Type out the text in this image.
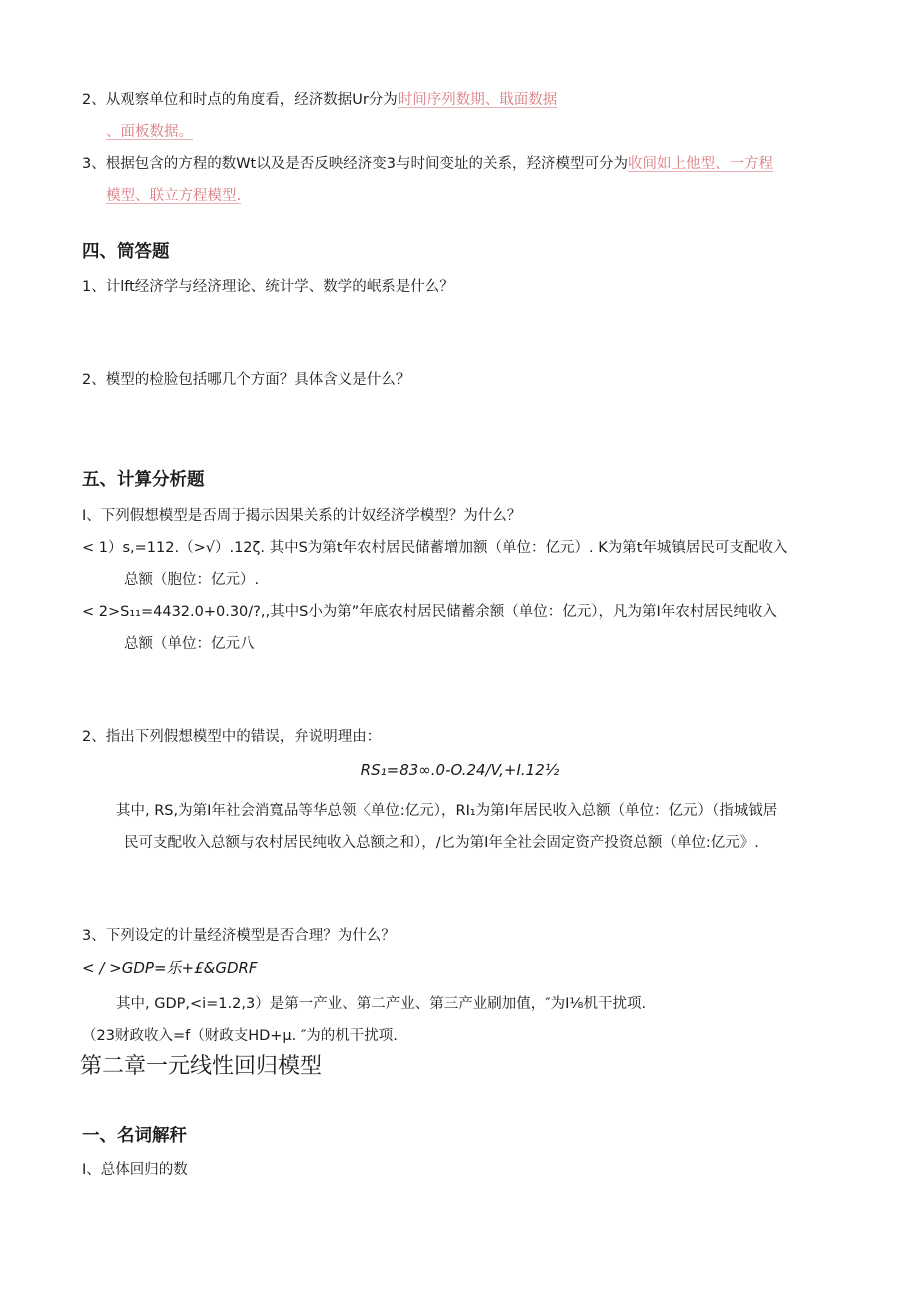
2、从观察单位和时点的角度看，经济数据Ur分为时间序列数期、戢面数据
、面板数据。
3、根据包含的方程的数Wt以及是否反映经济变3与时间变址的关系，羟济模型可分为收间如上他型、一方程
模型、联立方程模型.
四、筒答题
1、计lft经济学与经济理论、统计学、数学的岷系是什么？
2、模型的检脸包括哪几个方面？具体含义是什么？
五、计算分析题
I、下列假想模型是否周于揭示因果关系的计奴经济学模型？为什么？
< 1）s,=112.（>√）.12ζ. 其中S为第t年农村居民储蓄增加额（单位：亿元）. K为第t年城镇居民可支配收入
总额（胞位：亿元）.
< 2>S₁₁=4432.0+0.30/?,,其中S小为第”年底农村居民储蓄余额（单位：亿元），凡为第I年农村居民纯收入
总额（单位：亿元八
2、指出下列假想模型中的错误，弁说明理由：
RS₁=83∞.0-O.24/V,+I.12½
其中, RS,为第I年社会消寬品等华总领〈单位:亿元），RI₁为第I年居民收入总额（单位：亿元）（指城钺居
民可支配收入总额与农村居民纯收入总额之和），/匕为第I年全社会固定资产投资总额（单位:亿元》.
3、下列设定的计量经济模型是否合理？为什么？
< / >GDP=乐+£&GDRF
其中, GDP,<i=1.2,3）是第一产业、第二产业、第三产业刷加值，″为I⅛机干扰项.
（23财政收入=f（财政支HD+μ. ″为的机干扰项.
第二章一元线性回归模型
一、名词解秆
I、总体回归的数
